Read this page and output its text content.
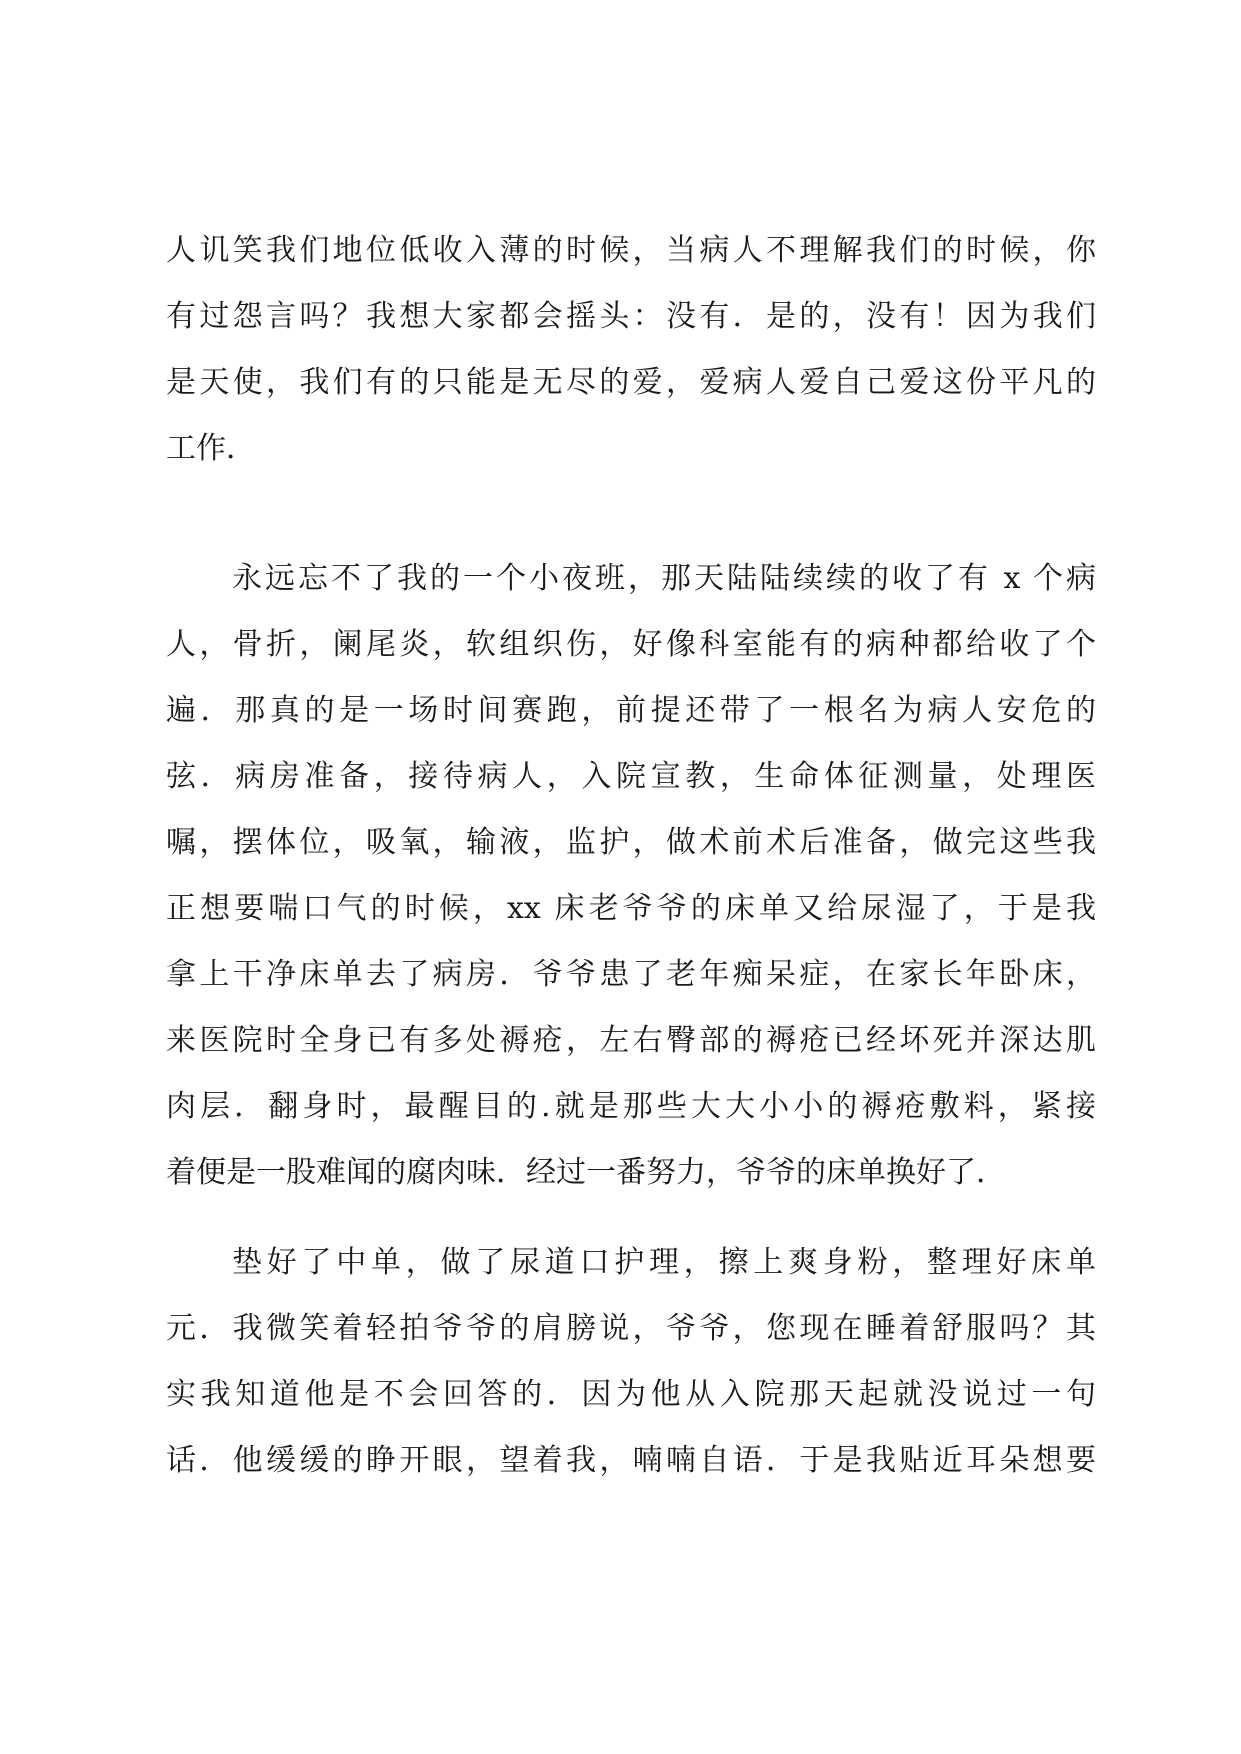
人讥笑我们地位低收入薄的时候，当病人不理解我们的时候，你
有过怨言吗？我想大家都会摇头：没有．是的，没有！因为我们
是天使，我们有的只能是无尽的爱，爱病人爱自己爱这份平凡的
工作．
永远忘不了我的一个小夜班，那天陆陆续续的收了有 x 个病
人，骨折，阑尾炎，软组织伤，好像科室能有的病种都给收了个
遍．那真的是一场时间赛跑，前提还带了一根名为病人安危的
弦．病房准备，接待病人，入院宣教，生命体征测量，处理医
嘱，摆体位，吸氧，输液，监护，做术前术后准备，做完这些我
正想要喘口气的时候，xx 床老爷爷的床单又给尿湿了，于是我
拿上干净床单去了病房．爷爷患了老年痴呆症，在家长年卧床，
来医院时全身已有多处褥疮，左右臀部的褥疮已经坏死并深达肌
肉层．翻身时，最醒目的.就是那些大大小小的褥疮敷料，紧接
着便是一股难闻的腐肉味．经过一番努力，爷爷的床单换好了．
垫好了中单，做了尿道口护理，擦上爽身粉，整理好床单
元．我微笑着轻拍爷爷的肩膀说，爷爷，您现在睡着舒服吗？其
实我知道他是不会回答的．因为他从入院那天起就没说过一句
话．他缓缓的睁开眼，望着我，喃喃自语．于是我贴近耳朵想要
